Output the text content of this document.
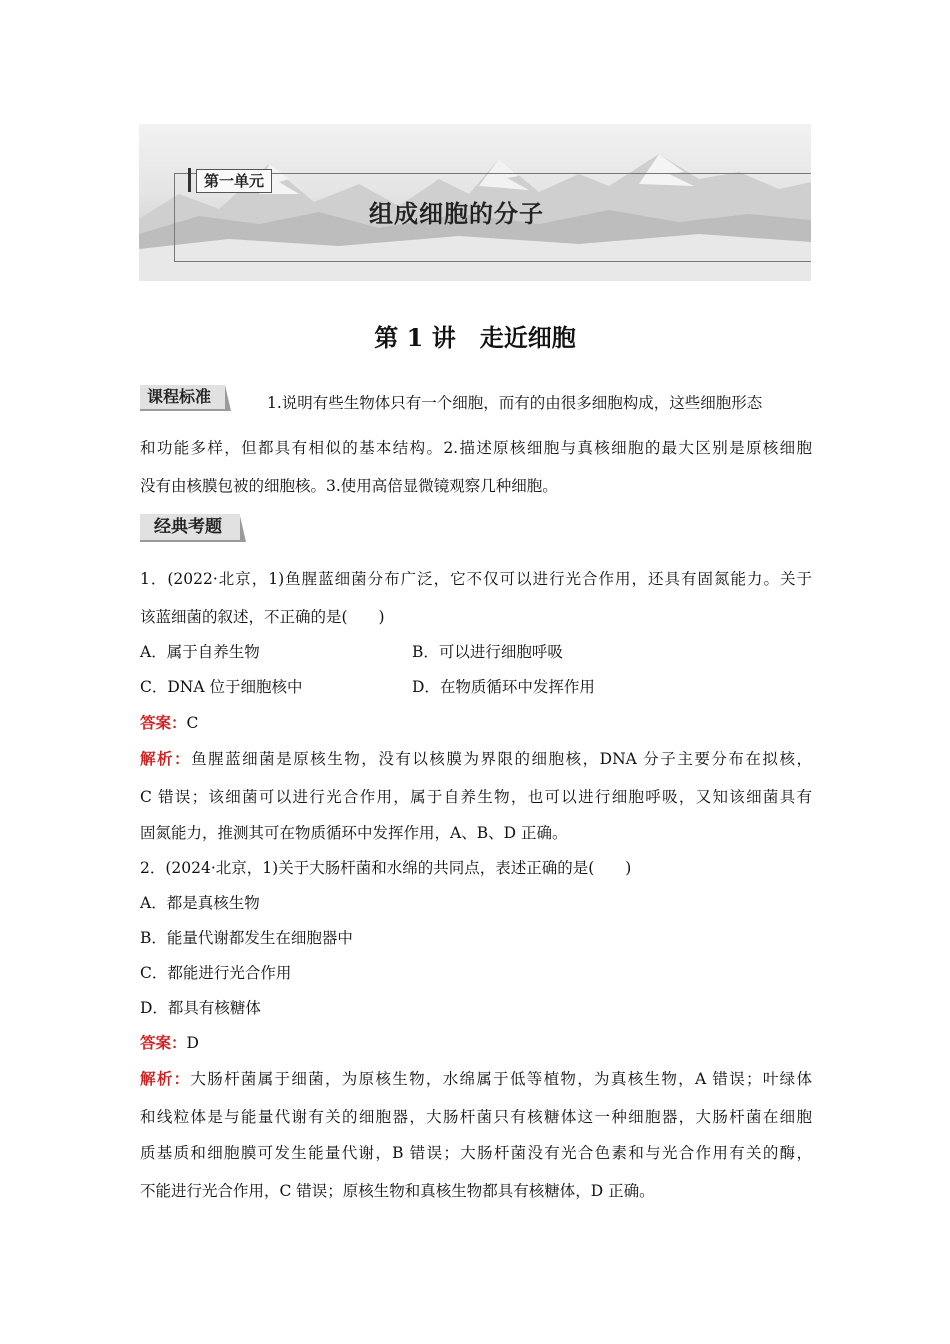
第一单元
组成细胞的分子
第 1 讲　走近细胞
课程标准	1.说明有些生物体只有一个细胞，而有的由很多细胞构成，这些细胞形态
和功能多样，但都具有相似的基本结构。2.描述原核细胞与真核细胞的最大区别是原核细胞
没有由核膜包被的细胞核。3.使用高倍显微镜观察几种细胞。
经典考题
1．(2022·北京，1)鱼腥蓝细菌分布广泛，它不仅可以进行光合作用，还具有固氮能力。关于
该蓝细菌的叙述，不正确的是(　　)
A．属于自养生物	B．可以进行细胞呼吸
C．DNA 位于细胞核中	D．在物质循环中发挥作用
答案：C
解析：鱼腥蓝细菌是原核生物，没有以核膜为界限的细胞核，DNA 分子主要分布在拟核，
C 错误；该细菌可以进行光合作用，属于自养生物，也可以进行细胞呼吸，又知该细菌具有
固氮能力，推测其可在物质循环中发挥作用，A、B、D 正确。
2．(2024·北京，1)关于大肠杆菌和水绵的共同点，表述正确的是(　　)
A．都是真核生物
B．能量代谢都发生在细胞器中
C．都能进行光合作用
D．都具有核糖体
答案：D
解析：大肠杆菌属于细菌，为原核生物，水绵属于低等植物，为真核生物，A 错误；叶绿体
和线粒体是与能量代谢有关的细胞器，大肠杆菌只有核糖体这一种细胞器，大肠杆菌在细胞
质基质和细胞膜可发生能量代谢，B 错误；大肠杆菌没有光合色素和与光合作用有关的酶，
不能进行光合作用，C 错误；原核生物和真核生物都具有核糖体，D 正确。
